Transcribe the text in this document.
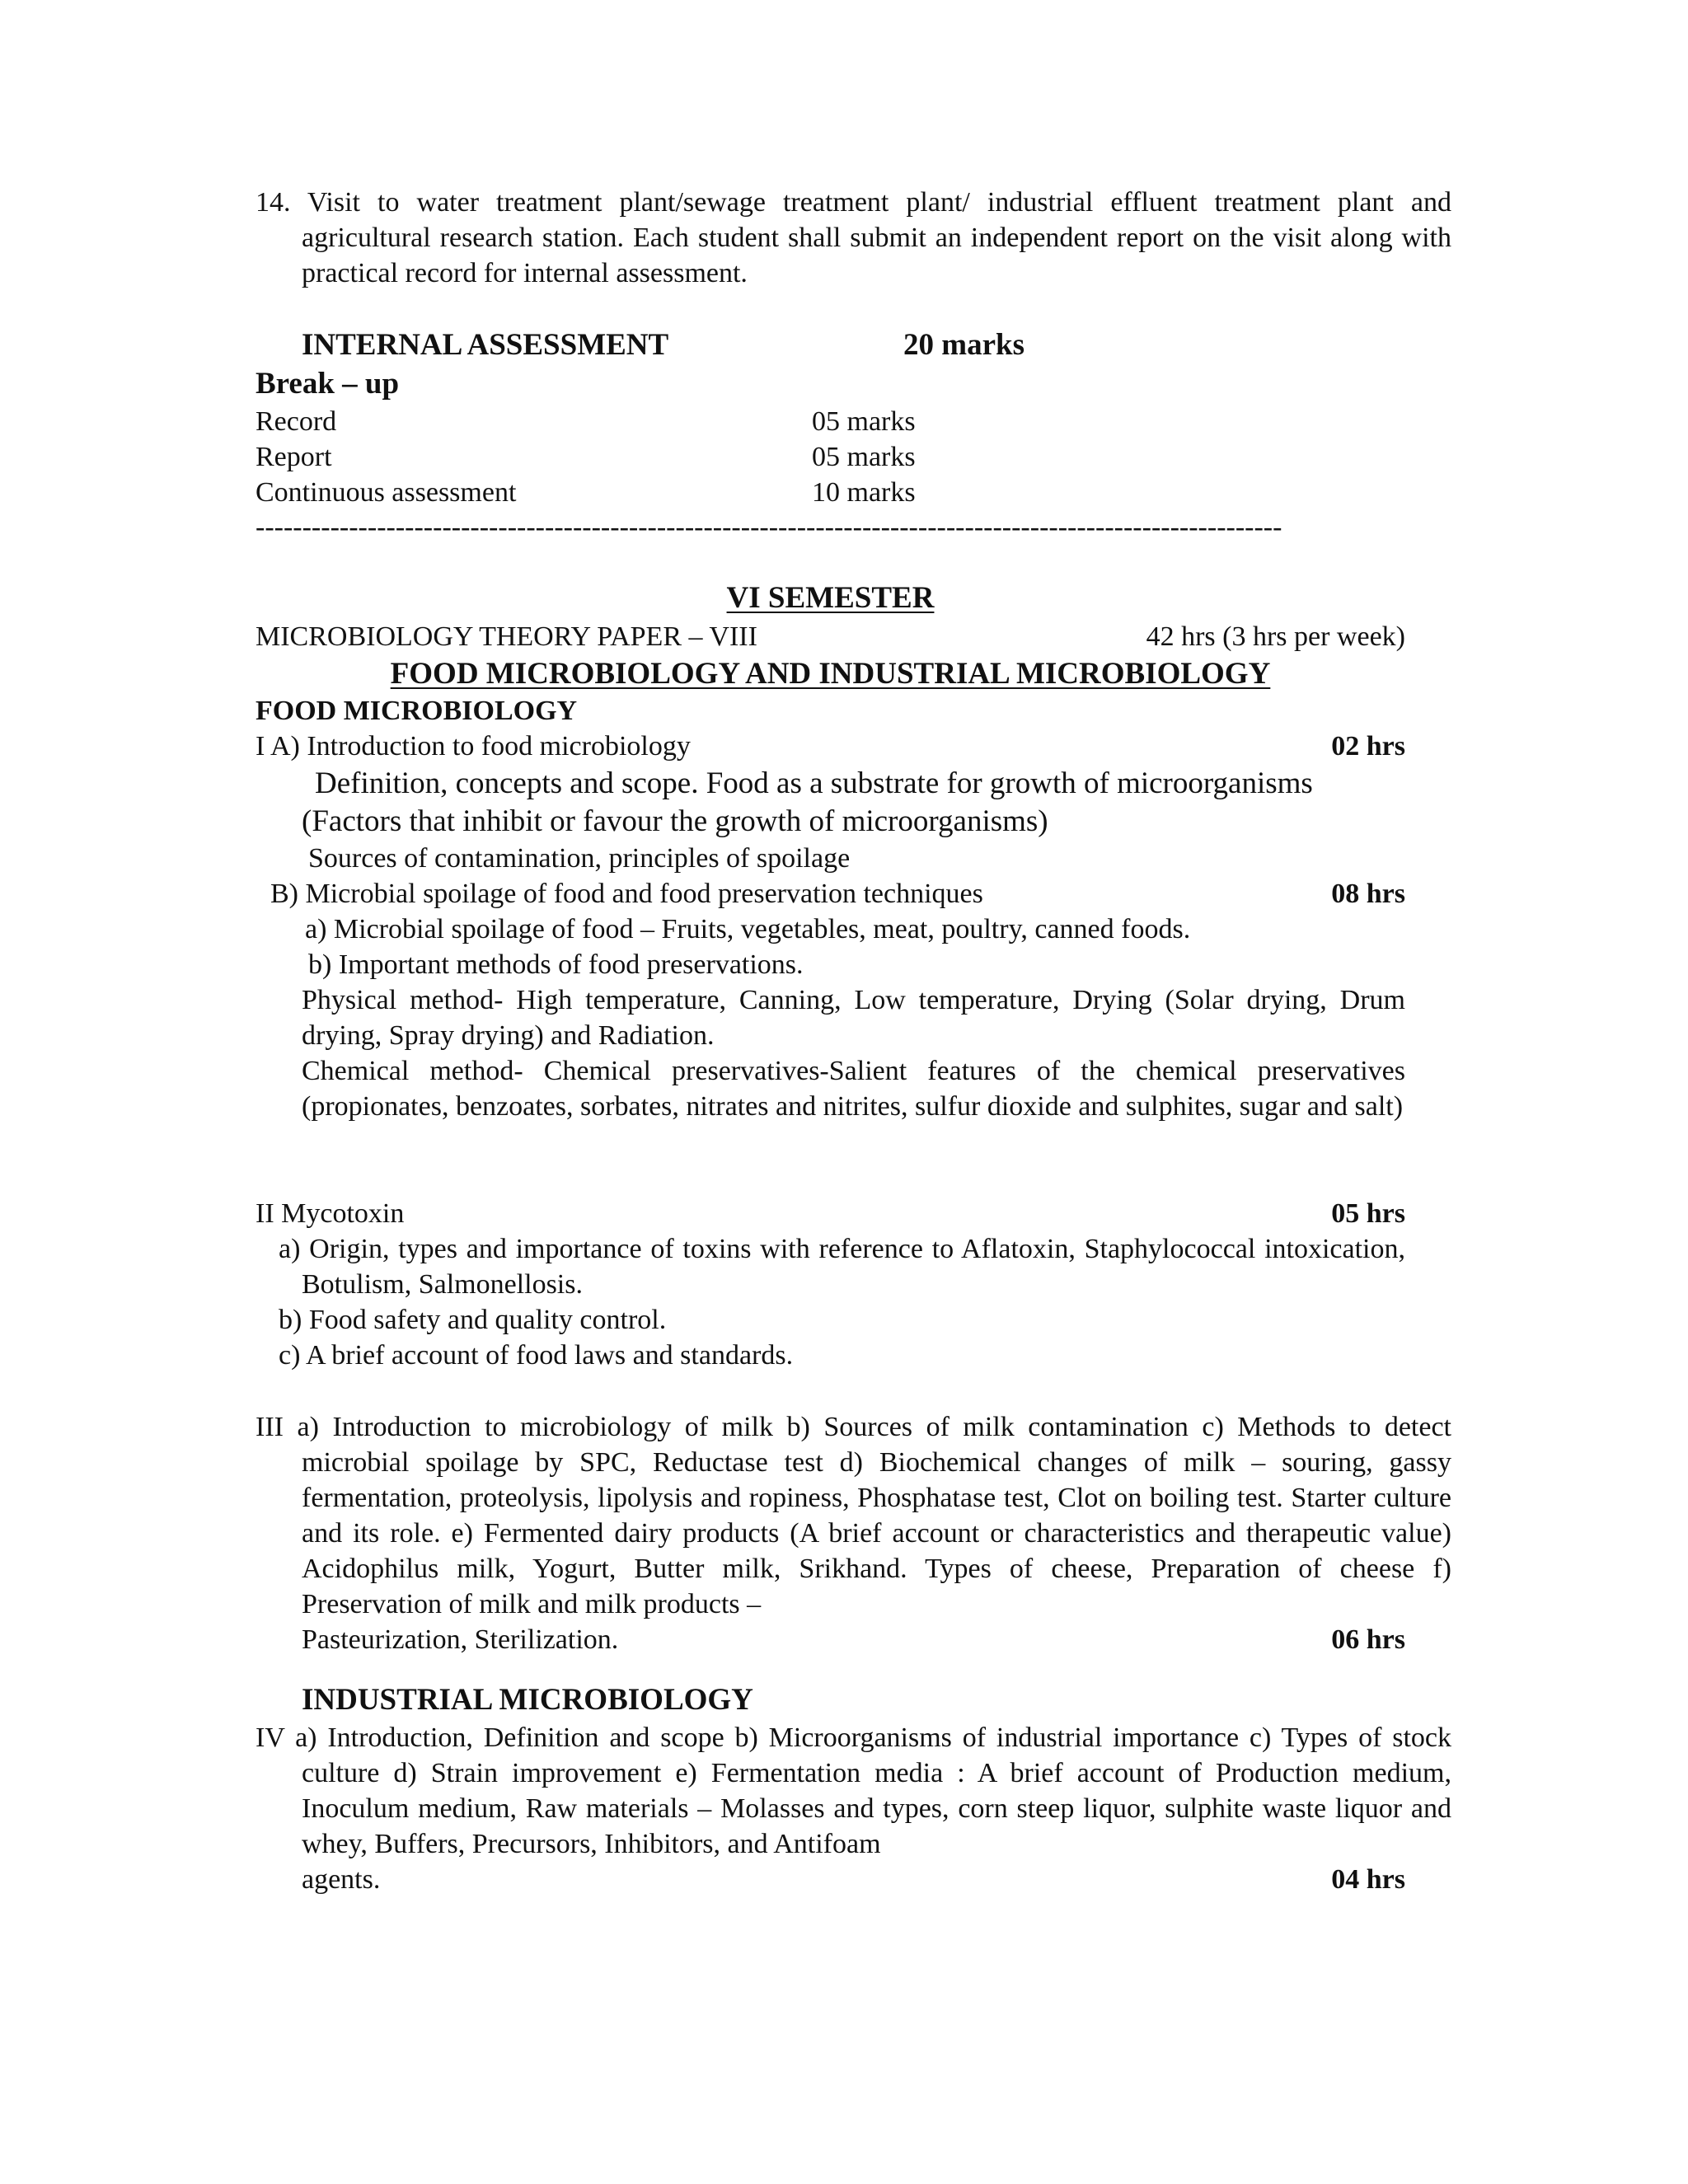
14. Visit to water treatment plant/sewage treatment plant/ industrial effluent treatment plant and agricultural research station. Each student shall submit an independent report on the visit along with practical record for internal assessment.
INTERNAL ASSESSMENT	20 marks
Break – up
Record	05 marks
Report	05 marks
Continuous assessment	10 marks
--------------------------------------------------------------------------------------------------------------
VI SEMESTER
MICROBIOLOGY THEORY PAPER – VIII	42 hrs (3 hrs per week)
FOOD MICROBIOLOGY AND INDUSTRIAL MICROBIOLOGY
FOOD MICROBIOLOGY
I A) Introduction to food microbiology	02 hrs
Definition, concepts and scope. Food as a substrate for growth of microorganisms
(Factors that inhibit or favour the growth of microorganisms)
Sources of contamination, principles of spoilage
B) Microbial spoilage of food and food preservation techniques	08 hrs
a) Microbial spoilage of food – Fruits, vegetables, meat, poultry, canned foods.
b) Important methods of food preservations.
Physical method- High temperature, Canning, Low temperature, Drying (Solar drying, Drum drying, Spray drying) and Radiation.
Chemical method- Chemical preservatives-Salient features of the chemical preservatives (propionates, benzoates, sorbates, nitrates and nitrites, sulfur dioxide and sulphites, sugar and salt)
II Mycotoxin	05 hrs
a) Origin, types and importance of toxins with reference to Aflatoxin, Staphylococcal intoxication, Botulism, Salmonellosis.
b) Food safety and quality control.
c) A brief account of food laws and standards.
III a) Introduction to microbiology of milk b) Sources of milk contamination c) Methods to detect microbial spoilage by SPC, Reductase test d) Biochemical changes of milk – souring, gassy fermentation, proteolysis, lipolysis and ropiness, Phosphatase test, Clot on boiling test. Starter culture and its role. e) Fermented dairy products (A brief account or characteristics and therapeutic value) Acidophilus milk, Yogurt, Butter milk, Srikhand. Types of cheese, Preparation of cheese f) Preservation of milk and milk products –
Pasteurization, Sterilization.	06 hrs
INDUSTRIAL MICROBIOLOGY
IV a) Introduction, Definition and scope b) Microorganisms of industrial importance c) Types of stock culture d) Strain improvement e) Fermentation media : A brief account of Production medium, Inoculum medium, Raw materials – Molasses and types, corn steep liquor, sulphite waste liquor and whey, Buffers, Precursors, Inhibitors, and Antifoam
agents.	04 hrs
